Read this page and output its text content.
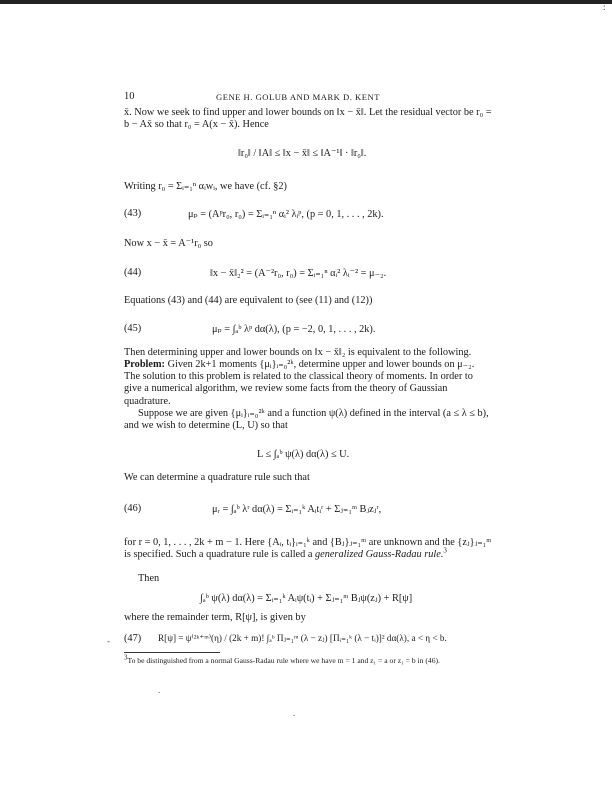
:
10	GENE H. GOLUB AND MARK D. KENT
x̄. Now we seek to find upper and lower bounds on ‖x − x̄‖. Let the residual vector be r₀ = b − Ax̄ so that r₀ = A(x − x̄). Hence
‖r₀‖ / ‖A‖ ≤ ‖x − x̄‖ ≤ ‖A⁻¹‖ · ‖r₀‖.
Writing r₀ = Σᵢ₌₁ⁿ αᵢwᵢ, we have (cf. §2)
(43)	μₚ = (Aᵖr₀, r₀) = Σᵢ₌₁ⁿ αᵢ² λᵢᵖ, (p = 0, 1, . . . , 2k).
Now x − x̄ = A⁻¹r₀ so
(44)	‖x − x̄‖₂² = (A⁻²r₀, r₀) = Σᵢ₌₁ⁿ αᵢ² λᵢ⁻² = μ₋₂.
Equations (43) and (44) are equivalent to (see (11) and (12))
(45)	μₚ = ∫ₐᵇ λᵖ dα(λ), (p = −2, 0, 1, . . . , 2k).
Then determining upper and lower bounds on ‖x − x̄‖₂ is equivalent to the following.
Problem: Given 2k+1 moments {μᵢ}ᵢ₌₀²ᵏ, determine upper and lower bounds on μ₋₂. The solution to this problem is related to the classical theory of moments. In order to give a numerical algorithm, we review some facts from the theory of Gaussian quadrature.
Suppose we are given {μᵢ}ᵢ₌₀²ᵏ and a function ψ(λ) defined in the interval (a ≤ λ ≤ b), and we wish to determine (L, U) so that
L ≤ ∫ₐᵇ ψ(λ) dα(λ) ≤ U.
We can determine a quadrature rule such that
(46)	μᵣ = ∫ₐᵇ λʳ dα(λ) = Σᵢ₌₁ᵏ Aᵢtᵢʳ + Σⱼ₌₁ᵐ Bⱼzⱼʳ,
for r = 0, 1, . . . , 2k + m − 1. Here {Aᵢ, tᵢ}ᵢ₌₁ᵏ and {Bⱼ}ⱼ₌₁ᵐ are unknown and the {zⱼ}ⱼ₌₁ᵐ is specified. Such a quadrature rule is called a generalized Gauss-Radau rule.$^3$
Then
∫ₐᵇ ψ(λ) dα(λ) = Σᵢ₌₁ᵏ Aᵢψ(tᵢ) + Σⱼ₌₁ᵐ Bⱼψ(zⱼ) + R[ψ]
where the remainder term, R[ψ], is given by
(47) R[ψ] = ψ⁽²ᵏ⁺ᵐ⁾(η) / (2k + m)! ∫ₐᵇ Πⱼ₌₁ᵐ (λ − zⱼ) [Πᵢ₌₁ᵏ (λ − tᵢ)]² dα(λ), a < η < b.
$^3$To be distinguished from a normal Gauss-Radau rule where we have m = 1 and z₁ = a or z₁ = b in (46).
-
.
.
